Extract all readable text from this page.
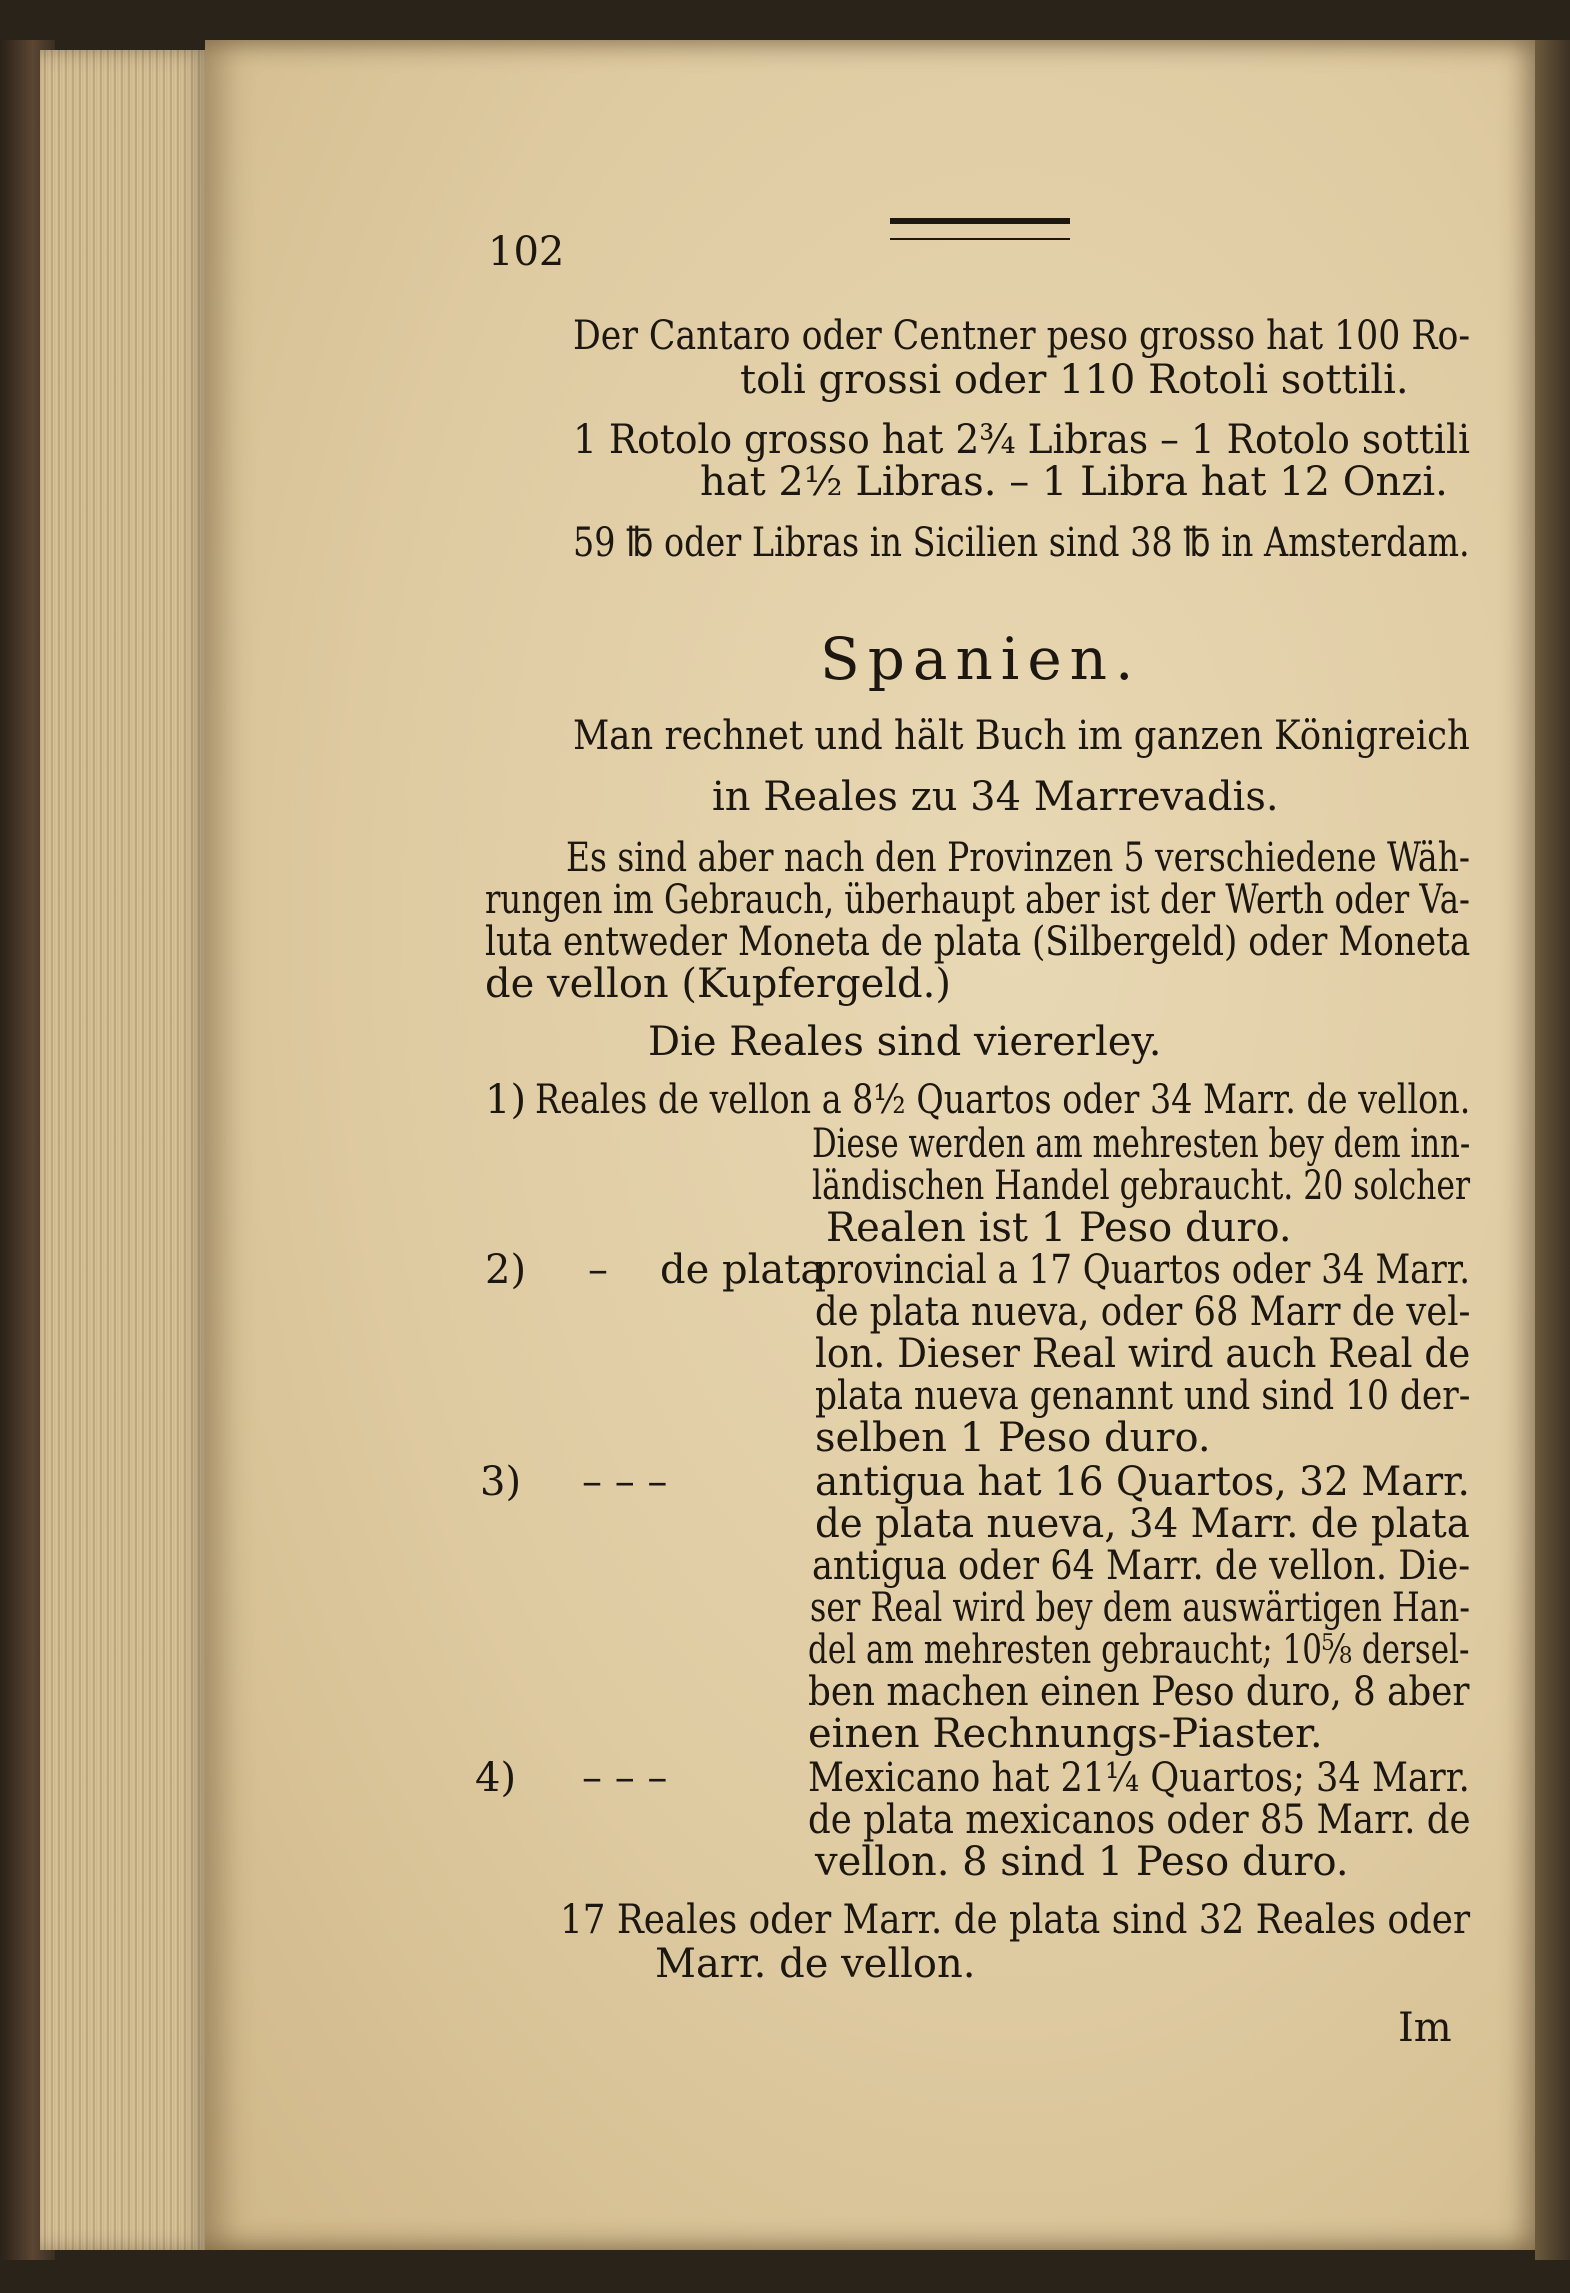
102
Der Cantaro oder Centner peso grosso hat 100 Ro-
toli grossi oder 110 Rotoli sottili.
1 Rotolo grosso hat 2¾ Libras – 1 Rotolo sottili
hat 2½ Libras. – 1 Libra hat 12 Onzi.
59 ℔ oder Libras in Sicilien sind 38 ℔ in Amsterdam.
Spanien.
Man rechnet und hält Buch im ganzen Königreich
in Reales zu 34 Marrevadis.
Es sind aber nach den Provinzen 5 verschiedene Wäh-
rungen im Gebrauch, überhaupt aber ist der Werth oder Va-
luta entweder Moneta de plata (Silbergeld) oder Moneta
de vellon (Kupfergeld.)
Die Reales sind viererley.
1) Reales de vellon a 8½ Quartos oder 34 Marr. de vellon.
Diese werden am mehresten bey dem inn-
ländischen Handel gebraucht. 20 solcher
Realen ist 1 Peso duro.
2) – de plata
provincial a 17 Quartos oder 34 Marr.
de plata nueva, oder 68 Marr de vel-
lon. Dieser Real wird auch Real de
plata nueva genannt und sind 10 der-
selben 1 Peso duro.
3) – – –	antigua hat 16 Quartos, 32 Marr.
de plata nueva, 34 Marr. de plata
antigua oder 64 Marr. de vellon. Die-
ser Real wird bey dem auswärtigen Han-
del am mehresten gebraucht; 10⅝ dersel-
ben machen einen Peso duro, 8 aber
einen Rechnungs-Piaster.
4) – – –	Mexicano hat 21¼ Quartos; 34 Marr.
de plata mexicanos oder 85 Marr. de
vellon. 8 sind 1 Peso duro.
17 Reales oder Marr. de plata sind 32 Reales oder
Marr. de vellon.
Im
